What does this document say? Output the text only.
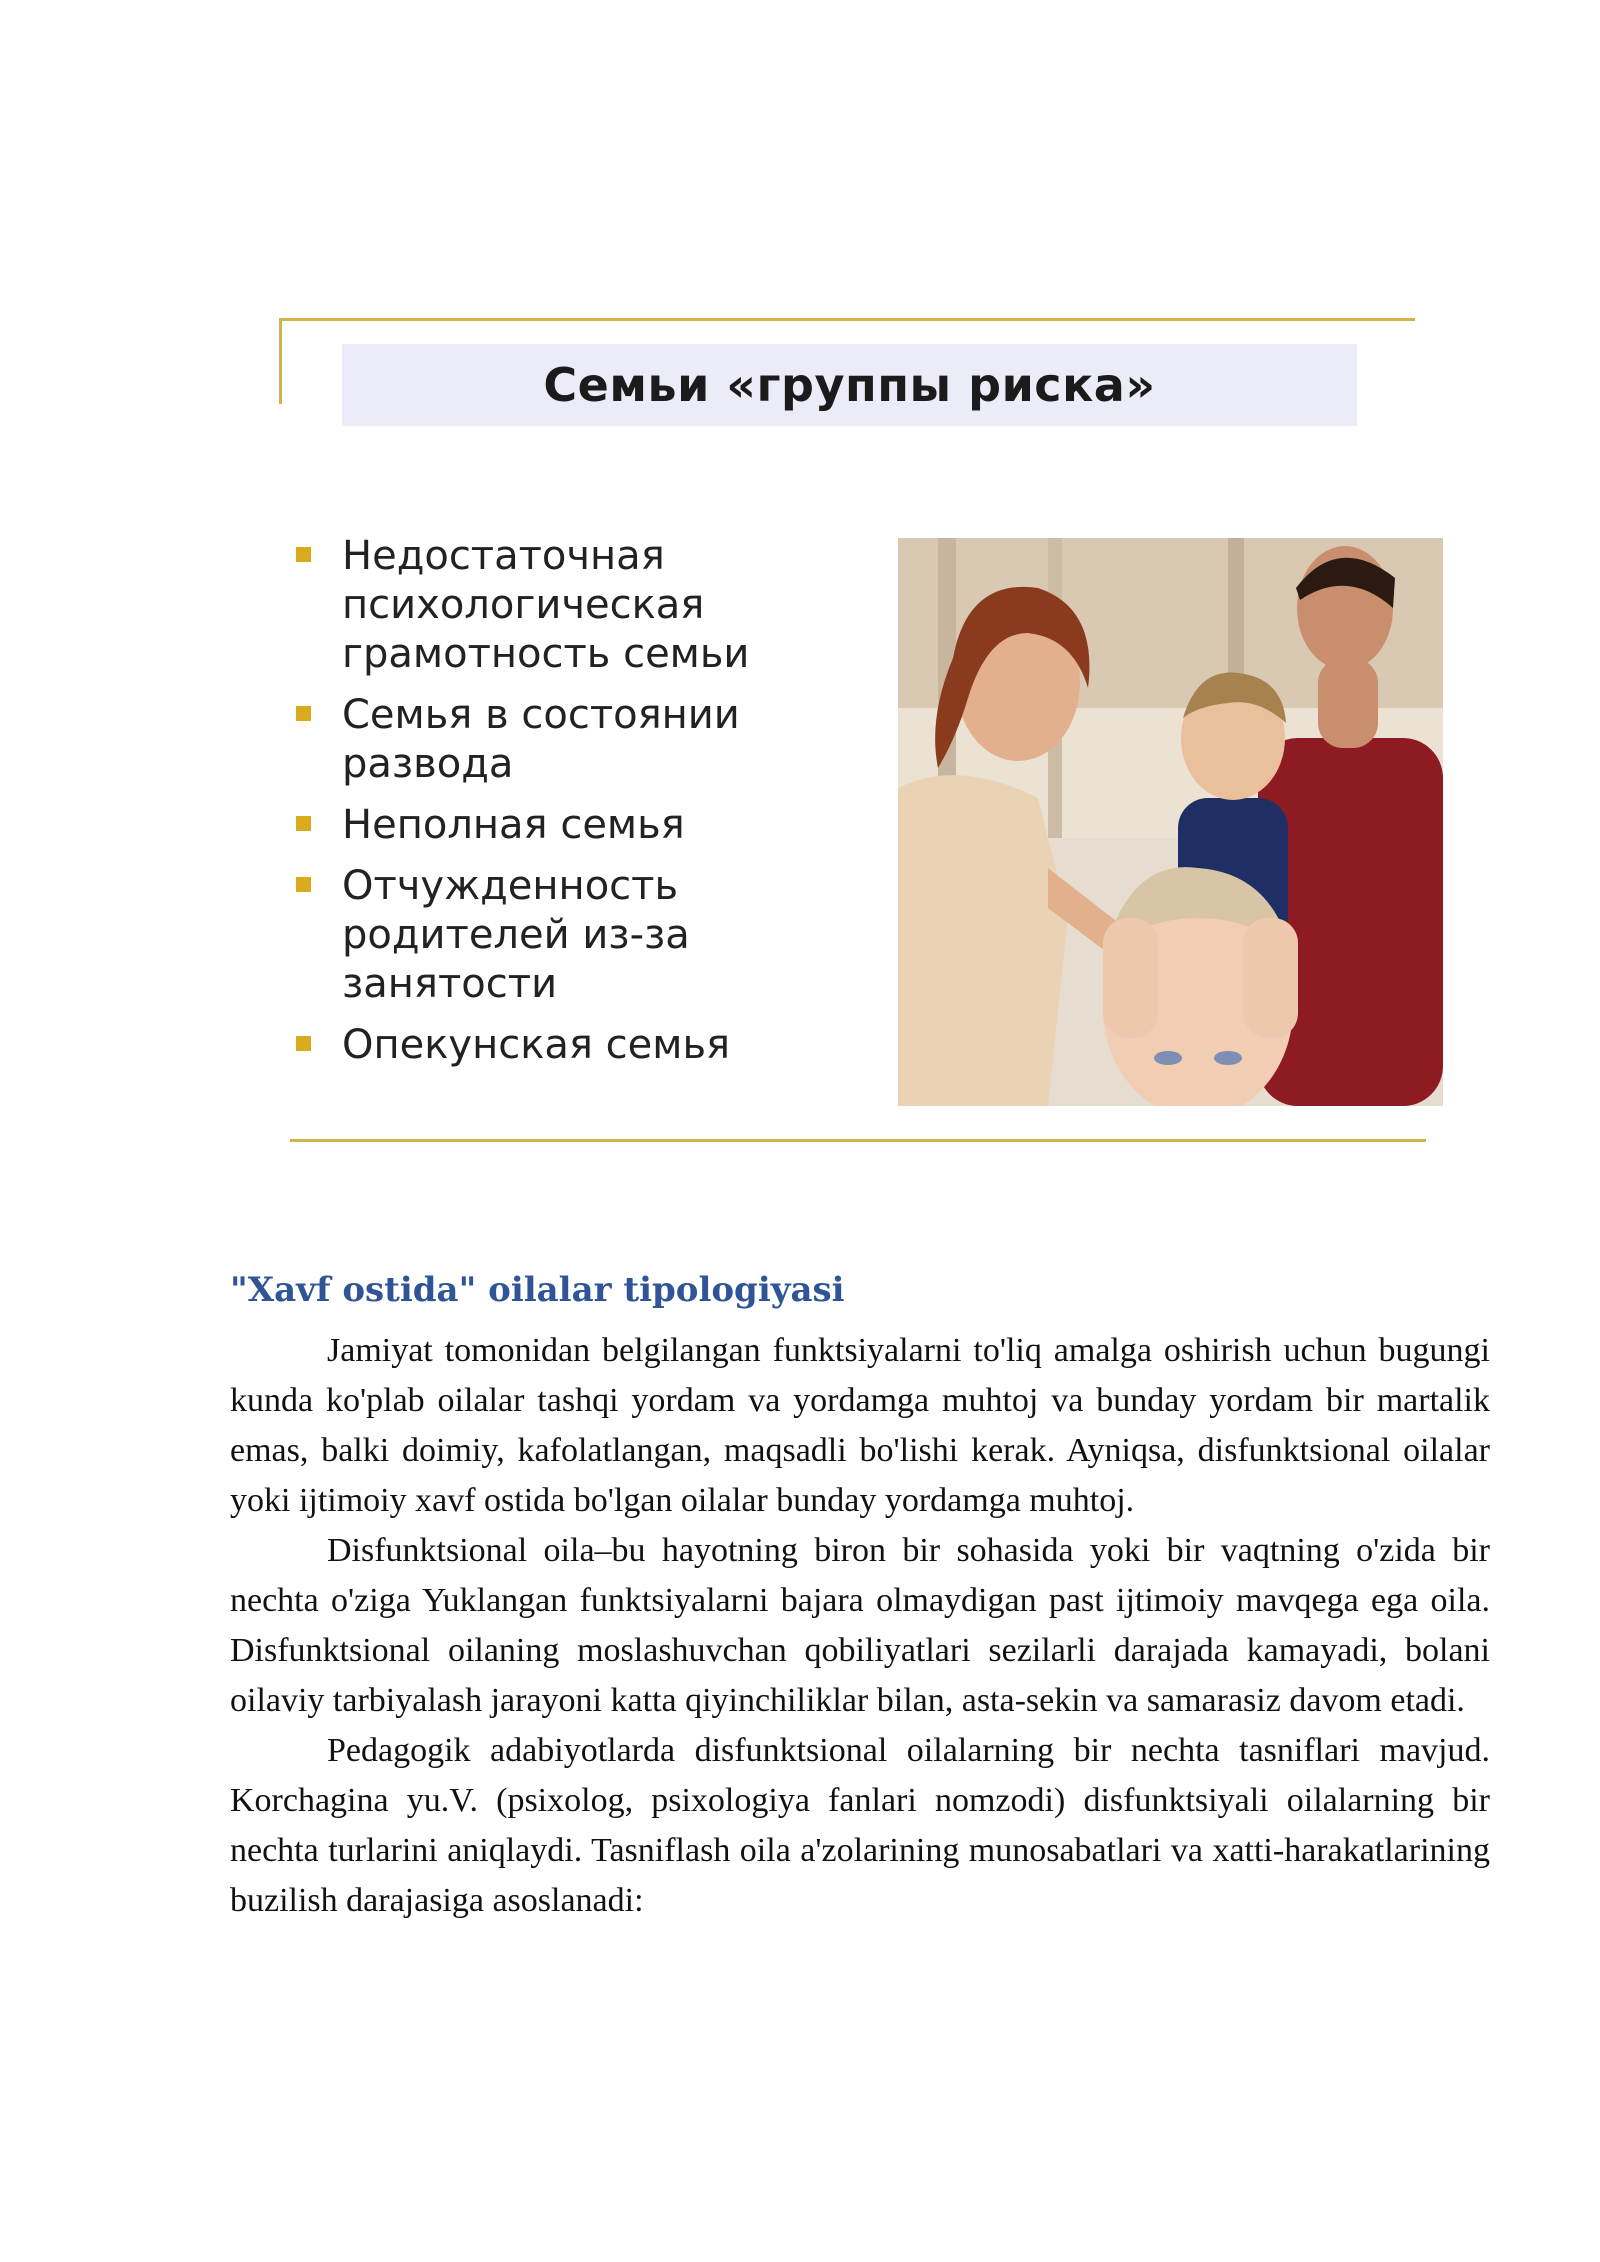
Семьи «группы риска»
Недостаточная психологическая грамотность семьи
Семья в состоянии развода
Неполная семья
Отчужденность родителей из-за занятости
Опекунская семья
"Xavf ostida" oilalar tipologiyasi

Jamiyat tomonidan belgilangan funktsiyalarni to'liq amalga oshirish uchun bugungi kunda ko'plab oilalar tashqi yordam va yordamga muhtoj va bunday yordam bir martalik emas, balki doimiy, kafolatlangan, maqsadli bo'lishi kerak. Ayniqsa, disfunktsional oilalar yoki ijtimoiy xavf ostida bo'lgan oilalar bunday yordamga muhtoj.

Disfunktsional oila–bu hayotning biron bir sohasida yoki bir vaqtning o'zida bir nechta o'ziga Yuklangan funktsiyalarni bajara olmaydigan past ijtimoiy mavqega ega oila. Disfunktsional oilaning moslashuvchan qobiliyatlari sezilarli darajada kamayadi, bolani oilaviy tarbiyalash jarayoni katta qiyinchiliklar bilan, asta-sekin va samarasiz davom etadi.

Pedagogik adabiyotlarda disfunktsional oilalarning bir nechta tasniflari mavjud. Korchagina yu.V. (psixolog, psixologiya fanlari nomzodi) disfunktsiyali oilalarning bir nechta turlarini aniqlaydi. Tasniflash oila a'zolarining munosabatlari va xatti-harakatlarining buzilish darajasiga asoslanadi:
